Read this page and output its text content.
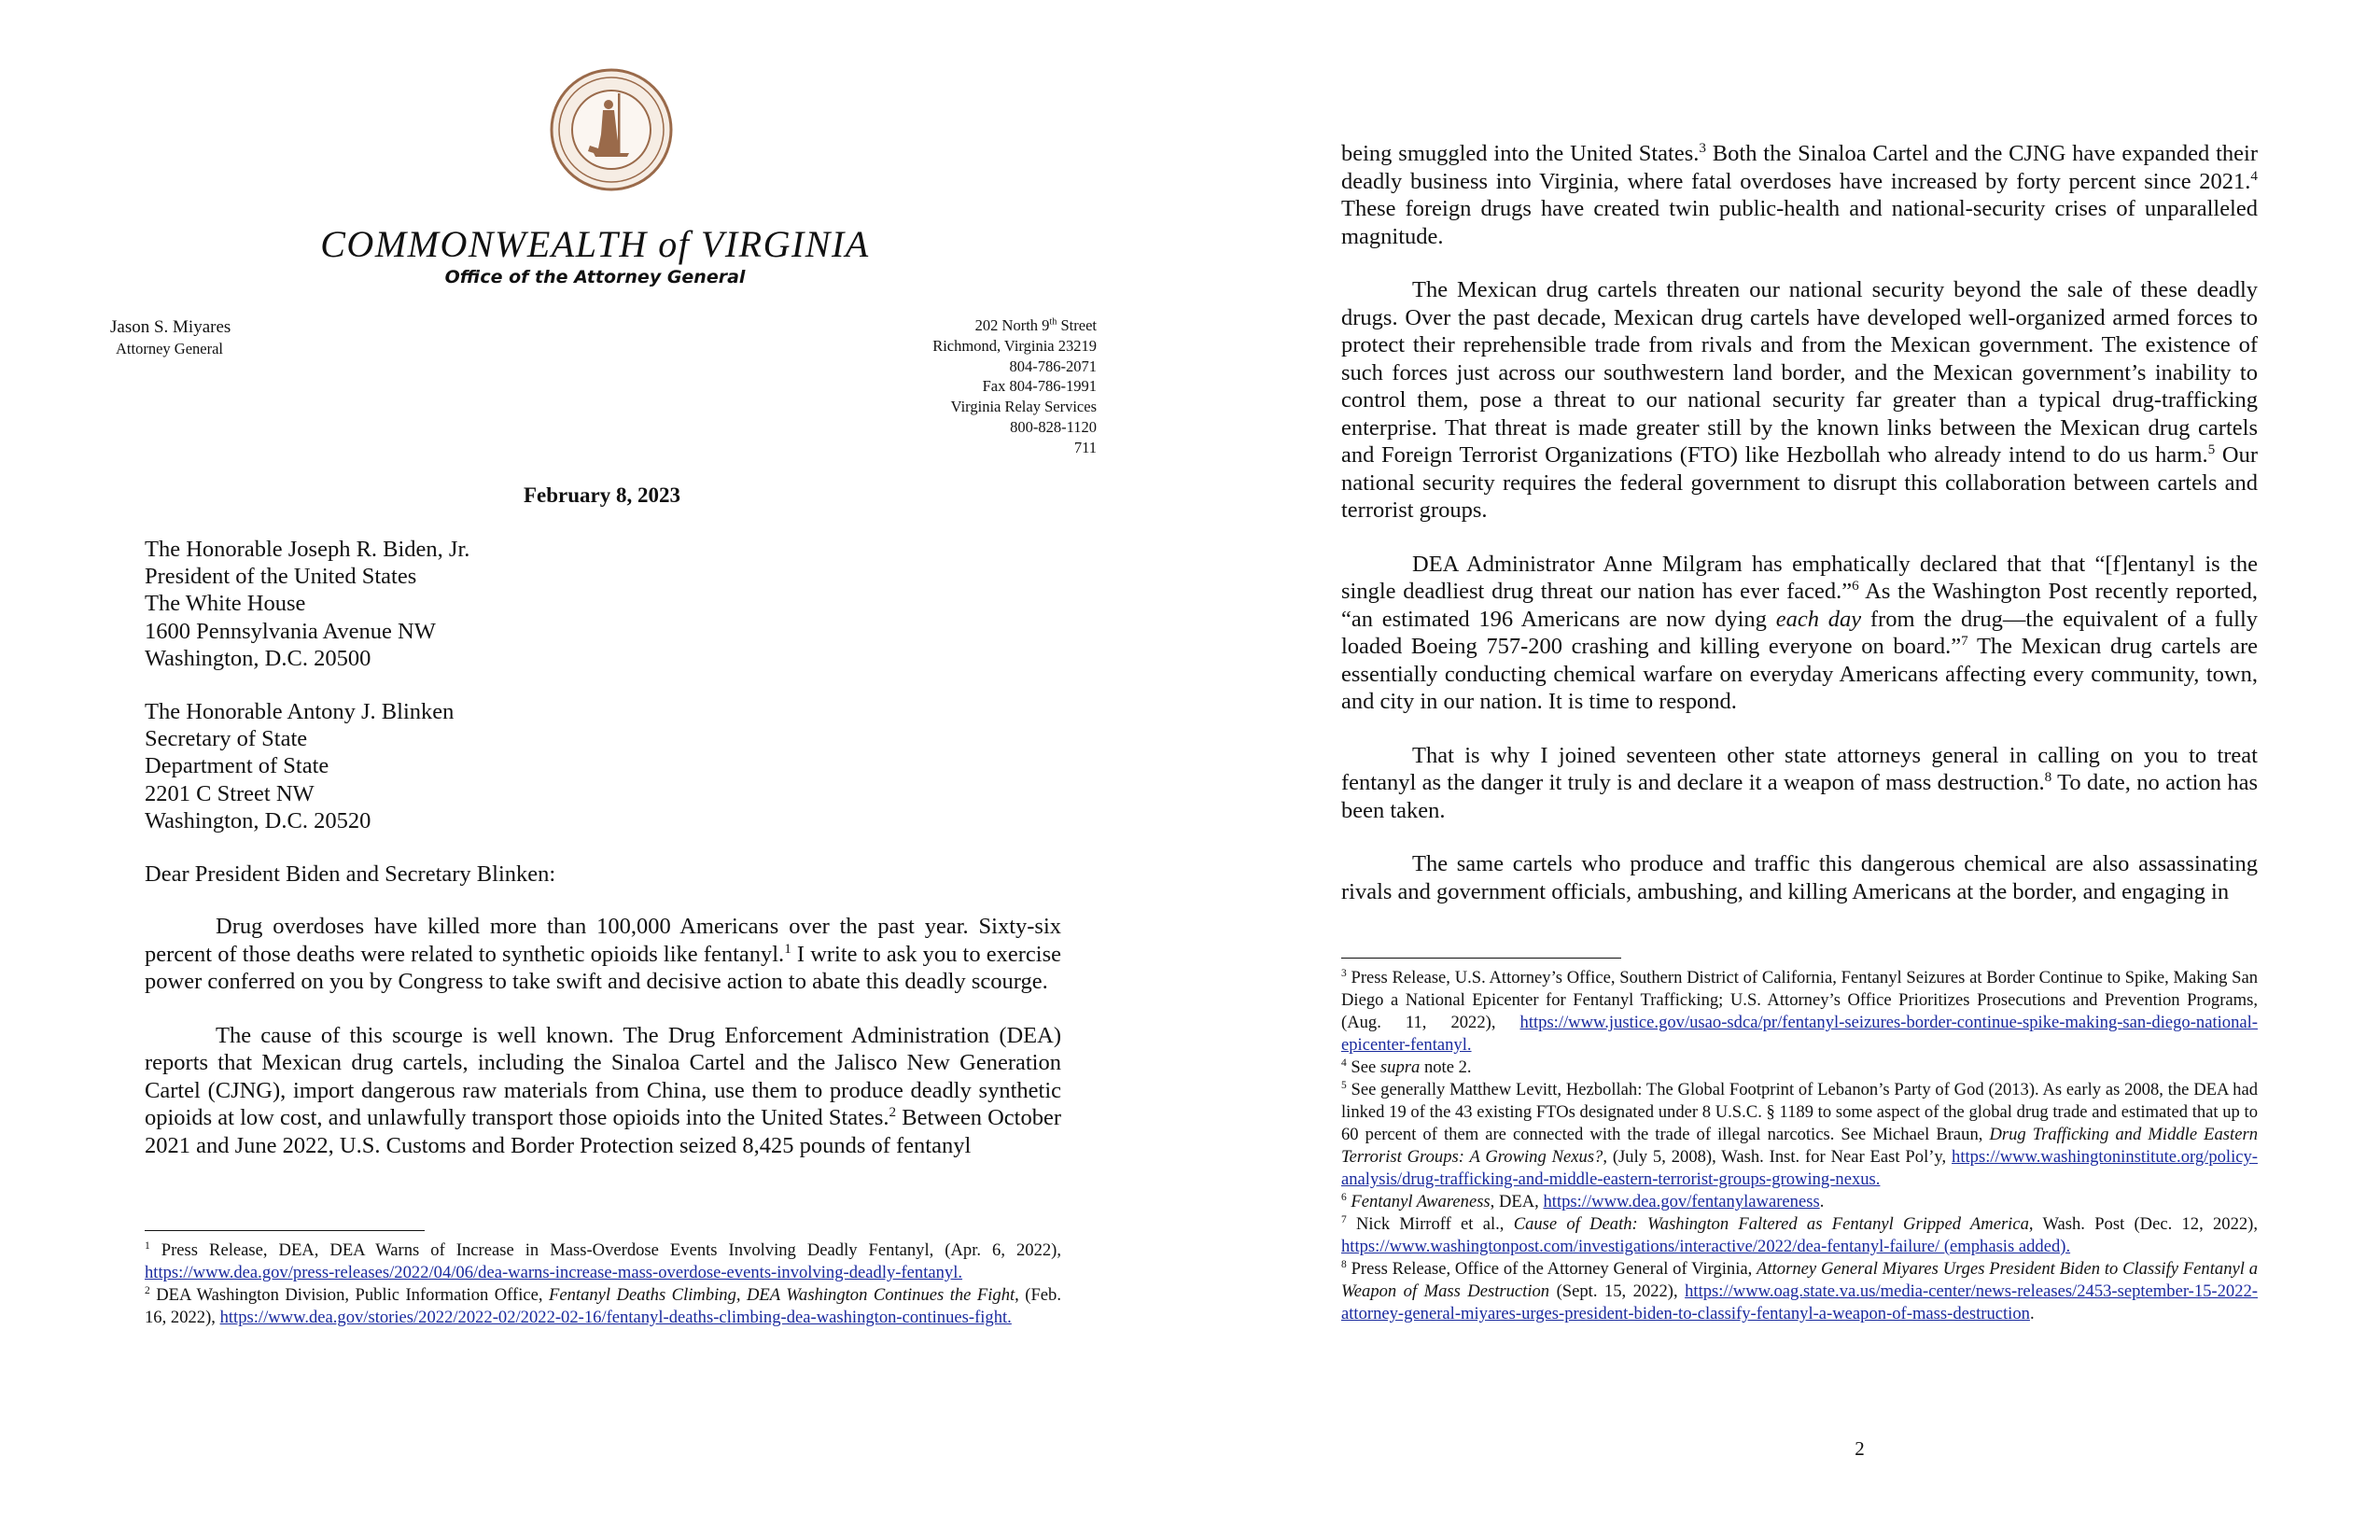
COMMONWEALTH of VIRGINIA
Office of the Attorney General
Jason S. Miyares
Attorney General
202 North 9th Street
Richmond, Virginia 23219
804-786-2071
Fax 804-786-1991
Virginia Relay Services
800-828-1120
711
February 8, 2023
The Honorable Joseph R. Biden, Jr.
President of the United States
The White House
1600 Pennsylvania Avenue NW
Washington, D.C. 20500
The Honorable Antony J. Blinken
Secretary of State
Department of State
2201 C Street NW
Washington, D.C. 20520
Dear President Biden and Secretary Blinken:

Drug overdoses have killed more than 100,000 Americans over the past year. Sixty-six percent of those deaths were related to synthetic opioids like fentanyl.$^1$ I write to ask you to exercise power conferred on you by Congress to take swift and decisive action to abate this deadly scourge.

The cause of this scourge is well known. The Drug Enforcement Administration (DEA) reports that Mexican drug cartels, including the Sinaloa Cartel and the Jalisco New Generation Cartel (CJNG), import dangerous raw materials from China, use them to produce deadly synthetic opioids at low cost, and unlawfully transport those opioids into the United States.$^2$ Between October 2021 and June 2022, U.S. Customs and Border Protection seized 8,425 pounds of fentanyl

$^1$ Press Release, DEA, DEA Warns of Increase in Mass-Overdose Events Involving Deadly Fentanyl, (Apr. 6, 2022), https://www.dea.gov/press-releases/2022/04/06/dea-warns-increase-mass-overdose-events-involving-deadly-fentanyl.

$^2$ DEA Washington Division, Public Information Office, Fentanyl Deaths Climbing, DEA Washington Continues the Fight, (Feb. 16, 2022), https://www.dea.gov/stories/2022/2022-02/2022-02-16/fentanyl-deaths-climbing-dea-washington-continues-fight.

being smuggled into the United States.$^3$ Both the Sinaloa Cartel and the CJNG have expanded their deadly business into Virginia, where fatal overdoses have increased by forty percent since 2021.$^4$ These foreign drugs have created twin public-health and national-security crises of unparalleled magnitude.

The Mexican drug cartels threaten our national security beyond the sale of these deadly drugs. Over the past decade, Mexican drug cartels have developed well-organized armed forces to protect their reprehensible trade from rivals and from the Mexican government. The existence of such forces just across our southwestern land border, and the Mexican government’s inability to control them, pose a threat to our national security far greater than a typical drug-trafficking enterprise. That threat is made greater still by the known links between the Mexican drug cartels and Foreign Terrorist Organizations (FTO) like Hezbollah who already intend to do us harm.$^5$ Our national security requires the federal government to disrupt this collaboration between cartels and terrorist groups.

DEA Administrator Anne Milgram has emphatically declared that that “[f]entanyl is the single deadliest drug threat our nation has ever faced.”$^6$ As the Washington Post recently reported, “an estimated 196 Americans are now dying each day from the drug—the equivalent of a fully loaded Boeing 757-200 crashing and killing everyone on board.”$^7$ The Mexican drug cartels are essentially conducting chemical warfare on everyday Americans affecting every community, town, and city in our nation. It is time to respond.

That is why I joined seventeen other state attorneys general in calling on you to treat fentanyl as the danger it truly is and declare it a weapon of mass destruction.$^8$ To date, no action has been taken.

The same cartels who produce and traffic this dangerous chemical are also assassinating rivals and government officials, ambushing, and killing Americans at the border, and engaging in

$^3$ Press Release, U.S. Attorney’s Office, Southern District of California, Fentanyl Seizures at Border Continue to Spike, Making San Diego a National Epicenter for Fentanyl Trafficking; U.S. Attorney’s Office Prioritizes Prosecutions and Prevention Programs, (Aug. 11, 2022), https://www.justice.gov/usao-sdca/pr/fentanyl-seizures-border-continue-spike-making-san-diego-national-epicenter-fentanyl.

$^4$ See supra note 2.

$^5$ See generally Matthew Levitt, Hezbollah: The Global Footprint of Lebanon’s Party of God (2013). As early as 2008, the DEA had linked 19 of the 43 existing FTOs designated under 8 U.S.C. § 1189 to some aspect of the global drug trade and estimated that up to 60 percent of them are connected with the trade of illegal narcotics. See Michael Braun, Drug Trafficking and Middle Eastern Terrorist Groups: A Growing Nexus?, (July 5, 2008), Wash. Inst. for Near East Pol’y, https://www.washingtoninstitute.org/policy-analysis/drug-trafficking-and-middle-eastern-terrorist-groups-growing-nexus.

$^6$ Fentanyl Awareness, DEA, https://www.dea.gov/fentanylawareness.

$^7$ Nick Mirroff et al., Cause of Death: Washington Faltered as Fentanyl Gripped America, Wash. Post (Dec. 12, 2022), https://www.washingtonpost.com/investigations/interactive/2022/dea-fentanyl-failure/ (emphasis added).

$^8$ Press Release, Office of the Attorney General of Virginia, Attorney General Miyares Urges President Biden to Classify Fentanyl a Weapon of Mass Destruction (Sept. 15, 2022), https://www.oag.state.va.us/media-center/news-releases/2453-september-15-2022-attorney-general-miyares-urges-president-biden-to-classify-fentanyl-a-weapon-of-mass-destruction.

2
